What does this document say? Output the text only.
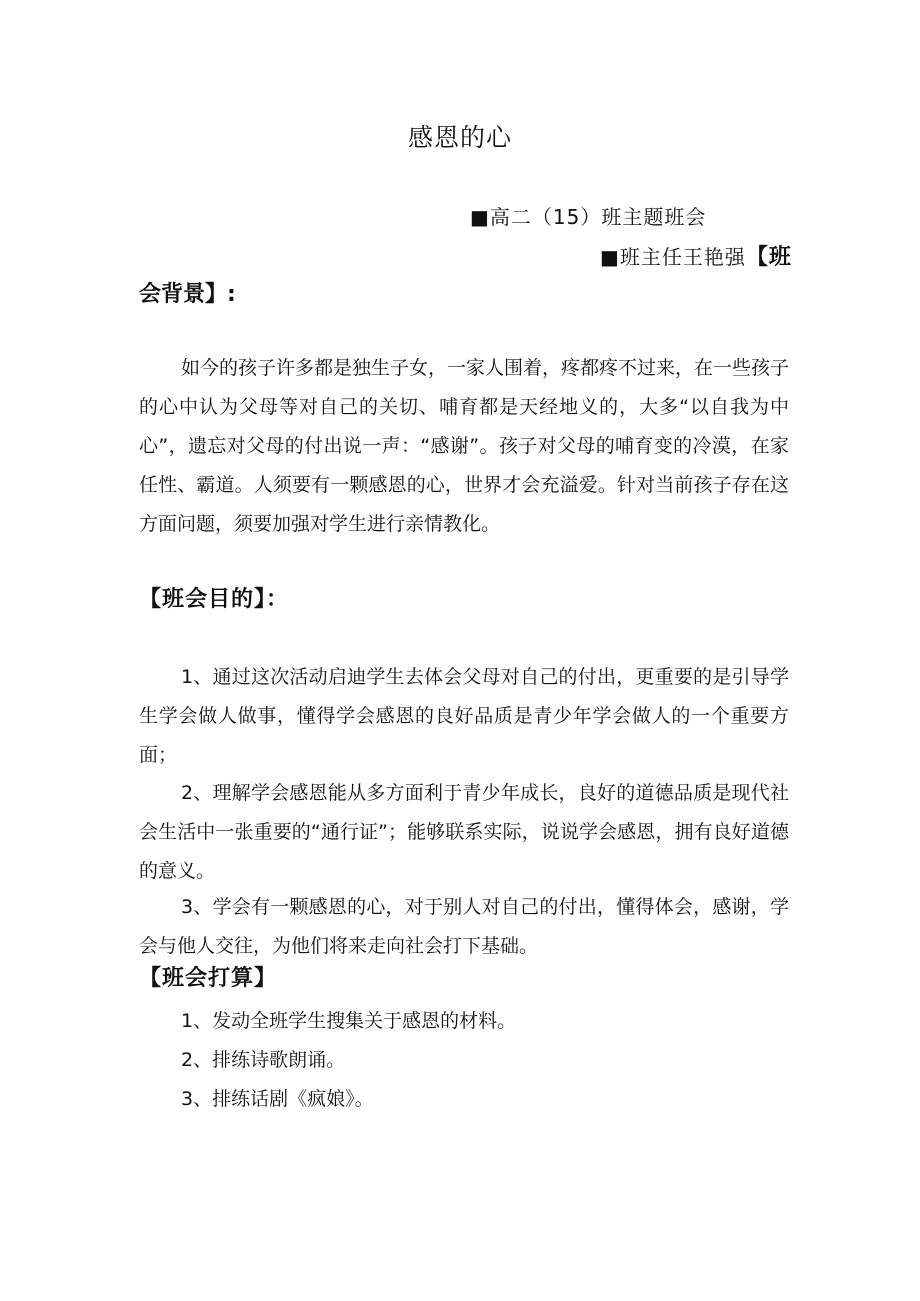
感恩的心
■高二（15）班主题班会
■班主任王艳强【班
会背景】:

如今的孩子许多都是独生子女，一家人围着，疼都疼不过来，在一些孩子的心中认为父母等对自己的关切、哺育都是天经地义的，大多“以自我为中心”，遗忘对父母的付出说一声：“感谢”。孩子对父母的哺育变的冷漠，在家任性、霸道。人须要有一颗感恩的心，世界才会充溢爱。针对当前孩子存在这方面问题，须要加强对学生进行亲情教化。

【班会目的】：

1、通过这次活动启迪学生去体会父母对自己的付出，更重要的是引导学生学会做人做事，懂得学会感恩的良好品质是青少年学会做人的一个重要方面；

2、理解学会感恩能从多方面利于青少年成长，良好的道德品质是现代社会生活中一张重要的“通行证”；能够联系实际，说说学会感恩，拥有良好道德的意义。

3、学会有一颗感恩的心，对于别人对自己的付出，懂得体会，感谢，学会与他人交往，为他们将来走向社会打下基础。

【班会打算】

1、发动全班学生搜集关于感恩的材料。

2、排练诗歌朗诵。

3、排练话剧《疯娘》。
